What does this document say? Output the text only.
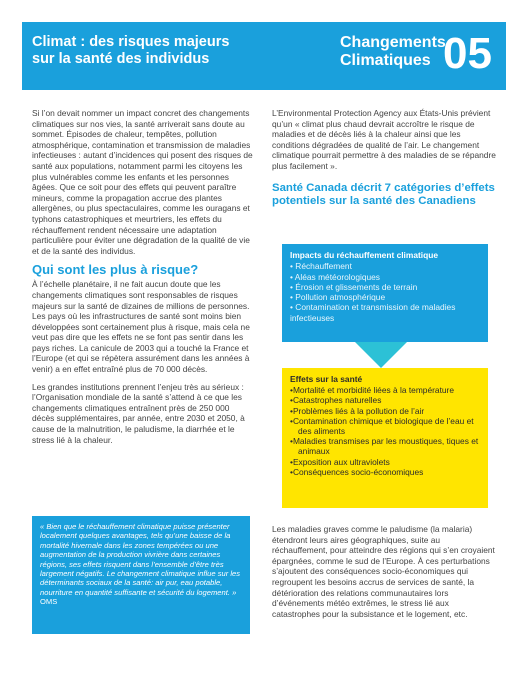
Climat : des risques majeurs sur la santé des individus
Changements Climatiques 05

Si l’on devait nommer un impact concret des changements climatiques sur nos vies, la santé arriverait sans doute au sommet. Épisodes de chaleur, tempêtes, pollution atmosphérique, contamination et transmission de maladies infectieuses : autant d’incidences qui posent des risques de santé aux populations, notamment parmi les citoyens les plus vulnérables comme les enfants et les personnes âgées. Que ce soit pour des effets qui peuvent paraître mineurs, comme la propagation accrue des plantes allergènes, ou plus spectaculaires, comme les ouragans et typhons catastrophiques et meurtriers, les effets du réchauffement rendent nécessaire une adaptation particulière pour éviter une dégradation de la qualité de vie et de la santé des individus.

Qui sont les plus à risque?

À l’échelle planétaire, il ne fait aucun doute que les changements climatiques sont responsables de risques majeurs sur la santé de dizaines de millions de personnes. Les pays où les infrastructures de santé sont moins bien développées sont certainement plus à risque, mais cela ne veut pas dire que les effets ne se font pas sentir dans les pays riches. La canicule de 2003 qui a touché la France et l’Europe (et qui se répètera assurément dans les années à venir) a en effet entraîné plus de 70 000 décès.

Les grandes institutions prennent l’enjeu très au sérieux : l’Organisation mondiale de la santé s’attend à ce que les changements climatiques entraînent près de 250 000 décès supplémentaires, par année, entre 2030 et 2050, à cause de la malnutrition, le paludisme, la diarrhée et le stress lié à la chaleur.

« Bien que le réchauffement climatique puisse présenter localement quelques avantages, tels qu’une baisse de la mortalité hivernale dans les zones tempérées ou une augmentation de la production vivrière dans certaines régions, ses effets risquent dans l’ensemble d’être très largement négatifs. Le changement climatique influe sur les déterminants sociaux de la santé: air pur, eau potable, nourriture en quantité suffisante et sécurité du logement. »
OMS

L’Environmental Protection Agency aux États-Unis prévient qu’un « climat plus chaud devrait accroître le risque de maladies et de décès liés à la chaleur ainsi que les conditions dégradées de qualité de l’air. Le changement climatique pourrait permettre à des maladies de se répandre plus facilement ».

Santé Canada décrit 7 catégories d’effets potentiels sur la santé des Canadiens
Impacts du réchauffement climatique
• Réchauffement
• Aléas météorologiques
• Érosion et glissements de terrain
• Pollution atmosphérique
• Contamination et transmission de maladies infectieuses
Effets sur la santé
• Mortalité et morbidité liées à la température
• Catastrophes naturelles
• Problèmes liés à la pollution de l’air
• Contamination chimique et biologique de l’eau et des aliments
• Maladies transmises par les moustiques, tiques et animaux
• Exposition aux ultraviolets
• Conséquences socio-économiques
Les maladies graves comme le paludisme (la malaria) étendront leurs aires géographiques, suite au réchauffement, pour atteindre des régions qui s’en croyaient épargnées, comme le sud de l’Europe. À ces perturbations s’ajoutent des conséquences socio-économiques qui regroupent les besoins accrus de services de santé, la détérioration des relations communautaires lors d’événements météo extrêmes, le stress lié aux catastrophes pour la subsistance et le logement, etc.
